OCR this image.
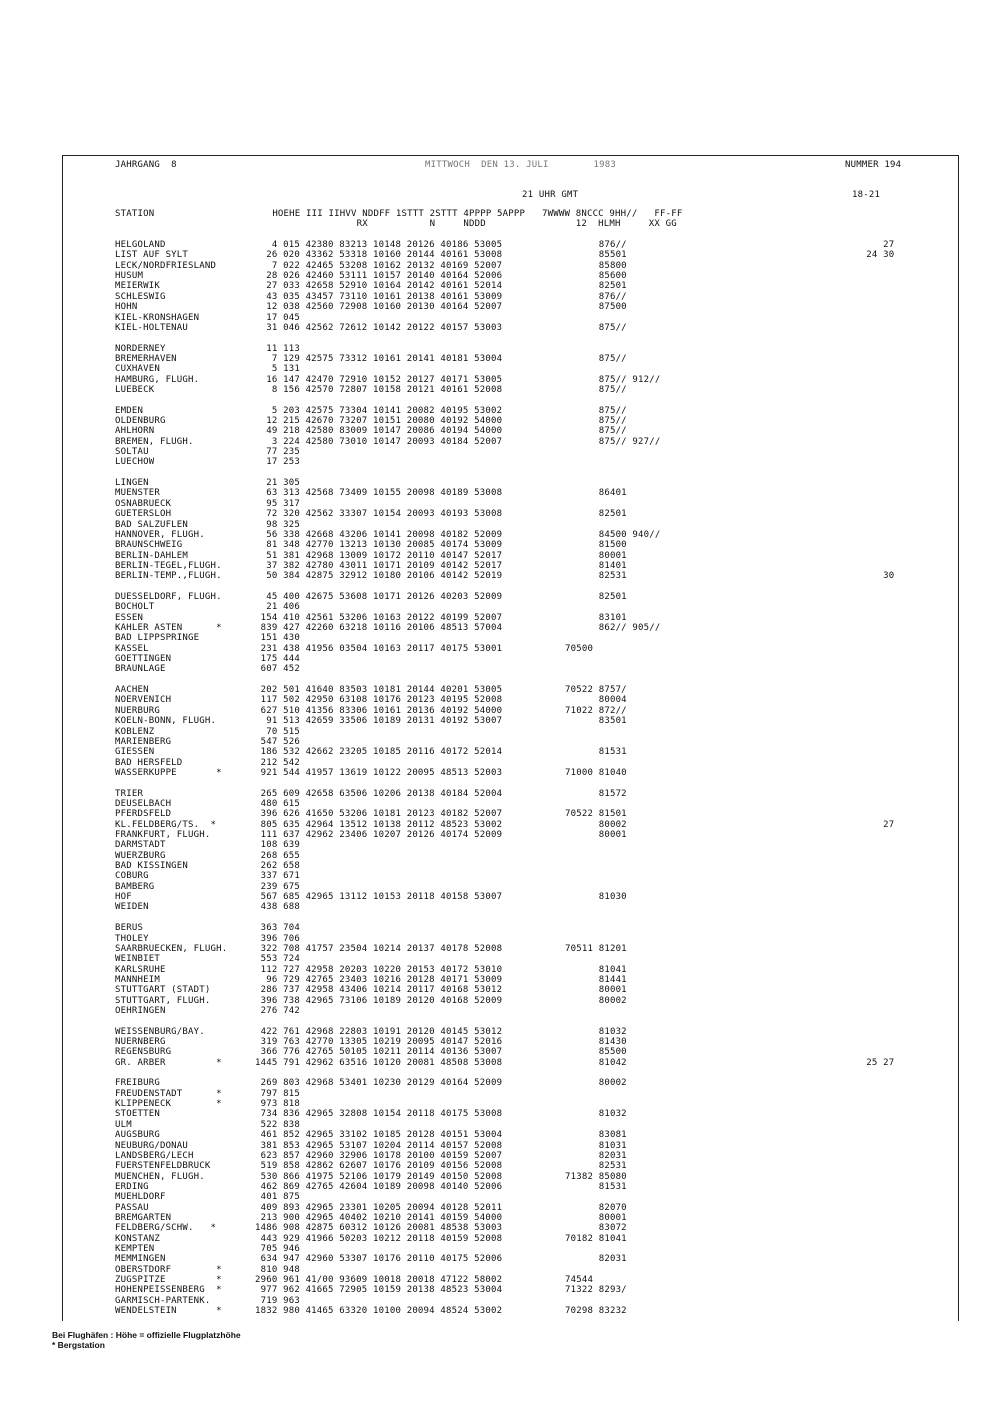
JAHRGANG  8	MITTWOCH  DEN 13. JULI        1983	NUMMER 194
21 UHR GMT	18-21
STATION                     HOEHE III IIHVV NDDFF 1STTT 2STTT 4PPPP 5APPP   7WWWW 8NCCC 9HH//   FF-FF
RX           N     NDDD                12  HLMH     XX GG
HELGOLAND	4 015 42380 83213 10148 20126 40186 53005	876//	27
LIST AUF SYLT	26 020 43362 53318 10160 20144 40161 53008	85501	24 30
LECK/NORDFRIESLAND	7 022 42465 53208 10162 20132 40169 52007	85800
HUSUM	28 026 42460 53111 10157 20140 40164 52006	85600
MEIERWIK	27 033 42658 52910 10164 20142 40161 52014	82501
SCHLESWIG	43 035 43457 73110 10161 20138 40161 53009	876//
HOHN	12 038 42560 72908 10160 20130 40164 52007	87500
KIEL-KRONSHAGEN	17 045
KIEL-HOLTENAU	31 046 42562 72612 10142 20122 40157 53003	875//
NORDERNEY	11 113
BREMERHAVEN	7 129 42575 73312 10161 20141 40181 53004	875//
CUXHAVEN	5 131
HAMBURG, FLUGH.	16 147 42470 72910 10152 20127 40171 53005	875// 912//
LUEBECK	8 156 42570 72807 10158 20121 40161 52008	875//
EMDEN	5 203 42575 73304 10141 20082 40195 53002	875//
OLDENBURG	12 215 42670 73207 10151 20080 40192 54000	875//
AHLHORN	49 218 42580 83009 10147 20086 40194 54000	875//
BREMEN, FLUGH.	3 224 42580 73010 10147 20093 40184 52007	875// 927//
SOLTAU	77 235
LUECHOW	17 253
LINGEN	21 305
MUENSTER	63 313 42568 73409 10155 20098 40189 53008	86401
OSNABRUECK	95 317
GUETERSLOH	72 320 42562 33307 10154 20093 40193 53008	82501
BAD SALZUFLEN	98 325
HANNOVER, FLUGH.	56 338 42668 43206 10141 20098 40182 52009	84500 940//
BRAUNSCHWEIG	81 348 42770 13213 10130 20085 40174 53009	81500
BERLIN-DAHLEM	51 381 42968 13009 10172 20110 40147 52017	80001
BERLIN-TEGEL,FLUGH.	37 382 42780 43011 10171 20109 40142 52017	81401
BERLIN-TEMP.,FLUGH.	50 384 42875 32912 10180 20106 40142 52019	82531	30
DUESSELDORF, FLUGH.	45 400 42675 53608 10171 20126 40203 52009	82501
BOCHOLT	21 406
ESSEN	154 410 42561 53206 10163 20122 40199 52007	83101
KAHLER ASTEN      *	839 427 42260 63218 10116 20106 48513 57004	862// 905//
BAD LIPPSPRINGE	151 430
KASSEL	231 438 41956 03504 10163 20117 40175 53001	70500
GOETTINGEN	175 444
BRAUNLAGE	607 452
AACHEN	202 501 41640 83503 10181 20144 40201 53005	70522 8757/
NOERVENICH	117 502 42950 63108 10176 20123 40195 52008	80004
NUERBURG	627 510 41356 83306 10161 20136 40192 54000	71022 872//
KOELN-BONN, FLUGH.	91 513 42659 33506 10189 20131 40192 53007	83501
KOBLENZ	70 515
MARIENBERG	547 526
GIESSEN	186 532 42662 23205 10185 20116 40172 52014	81531
BAD HERSFELD	212 542
WASSERKUPPE       *	921 544 41957 13619 10122 20095 48513 52003	71000 81040
TRIER	265 609 42658 63506 10206 20138 40184 52004	81572
DEUSELBACH	480 615
PFERDSFELD	396 626 41650 53206 10181 20123 40182 52007	70522 81501
KL.FELDBERG/TS.  *	805 635 42964 13512 10138 20112 48523 53002	80002	27
FRANKFURT, FLUGH.	111 637 42962 23406 10207 20126 40174 52009	80001
DARMSTADT	108 639
WUERZBURG	268 655
BAD KISSINGEN	262 658
COBURG	337 671
BAMBERG	239 675
HOF	567 685 42965 13112 10153 20118 40158 53007	81030
WEIDEN	438 688
BERUS	363 704
THOLEY	396 706
SAARBRUECKEN, FLUGH.	322 708 41757 23504 10214 20137 40178 52008	70511 81201
WEINBIET	553 724
KARLSRUHE	112 727 42958 20203 10220 20153 40172 53010	81041
MANNHEIM	96 729 42765 23403 10216 20128 40171 53009	81441
STUTTGART (STADT)	286 737 42958 43406 10214 20117 40168 53012	80001
STUTTGART, FLUGH.	396 738 42965 73106 10189 20120 40168 52009	80002
OEHRINGEN	276 742
WEISSENBURG/BAY.	422 761 42968 22803 10191 20120 40145 53012	81032
NUERNBERG	319 763 42770 13305 10219 20095 40147 52016	81430
REGENSBURG	366 776 42765 50105 10211 20114 40136 53007	85500
GR. ARBER         *	1445 791 42962 63516 10120 20081 48508 53008	81042	25 27
FREIBURG	269 803 42968 53401 10230 20129 40164 52009	80002
FREUDENSTADT      *	797 815
KLIPPENECK        *	973 818
STOETTEN	734 836 42965 32808 10154 20118 40175 53008	81032
ULM	522 838
AUGSBURG	461 852 42965 33102 10185 20128 40151 53004	83081
NEUBURG/DONAU	381 853 42965 53107 10204 20114 40157 52008	81031
LANDSBERG/LECH	623 857 42960 32906 10178 20100 40159 52007	82031
FUERSTENFELDBRUCK	519 858 42862 62607 10176 20109 40156 52008	82531
MUENCHEN, FLUGH.	530 866 41975 52106 10179 20149 40150 52008	71382 85080
ERDING	462 869 42765 42604 10189 20098 40140 52006	81531
MUEHLDORF	401 875
PASSAU	409 893 42965 23301 10205 20094 40128 52011	82070
BREMGARTEN	213 900 42965 40402 10210 20141 40159 54000	80001
FELDBERG/SCHW.   *	1486 908 42875 60312 10126 20081 48538 53003	83072
KONSTANZ	443 929 41966 50203 10212 20118 40159 52008	70182 81041
KEMPTEN	705 946
MEMMINGEN	634 947 42960 53307 10176 20110 40175 52006	82031
OBERSTDORF        *	810 948
ZUGSPITZE         *	2960 961 41/00 93609 10018 20018 47122 58002	74544
HOHENPEISSENBERG  *	977 962 41665 72905 10159 20138 48523 53004	71322 8293/
GARMISCH-PARTENK.	719 963
WENDELSTEIN       *	1832 980 41465 63320 10100 20094 48524 53002	70298 83232
Bei Flughäfen : Höhe = offizielle Flugplatzhöhe
* Bergstation
